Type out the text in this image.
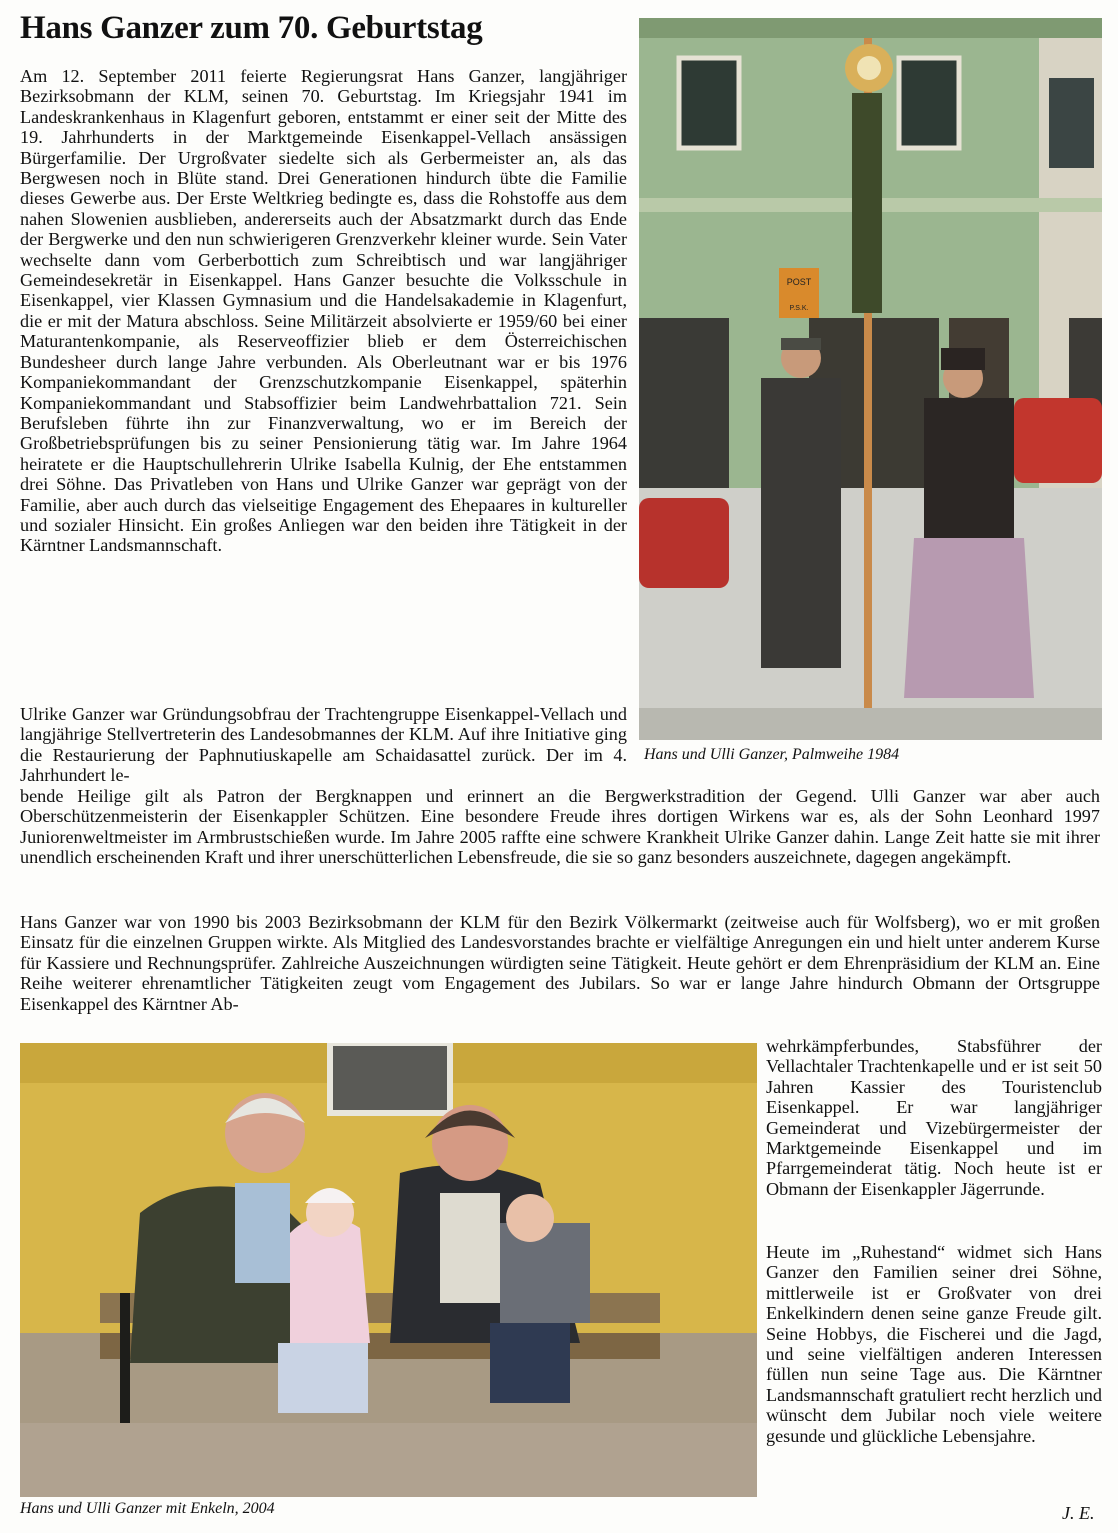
Hans Ganzer zum 70. Geburtstag
POST
P.S.K.
Hans und Ulli Ganzer, Palmweihe 1984

Am 12. September 2011 feierte Regierungsrat Hans Ganzer, langjähriger Bezirksobmann der KLM, seinen 70. Geburtstag. Im Kriegsjahr 1941 im Landeskrankenhaus in Klagenfurt geboren, entstammt er einer seit der Mitte des 19. Jahrhunderts in der Marktgemeinde Eisenkappel-Vellach ansässigen Bürgerfamilie. Der Urgroßvater siedelte sich als Gerbermeister an, als das Bergwesen noch in Blüte stand. Drei Generationen hindurch übte die Familie dieses Gewerbe aus. Der Erste Weltkrieg bedingte es, dass die Rohstoffe aus dem nahen Slowenien ausblieben, andererseits auch der Absatzmarkt durch das Ende der Bergwerke und den nun schwierigeren Grenzverkehr kleiner wurde. Sein Vater wechselte dann vom Gerberbottich zum Schreibtisch und war langjähriger Gemeindesekretär in Eisenkappel. Hans Ganzer besuchte die Volksschule in Eisenkappel, vier Klassen Gymnasium und die Handelsakademie in Klagenfurt, die er mit der Matura abschloss. Seine Militärzeit absolvierte er 1959/60 bei einer Maturantenkompanie, als Reserveoffizier blieb er dem Österreichischen Bundesheer durch lange Jahre verbunden. Als Oberleutnant war er bis 1976 Kompaniekommandant der Grenzschutzkompanie Eisenkappel, späterhin Kompaniekommandant und Stabsoffizier beim Landwehrbattalion 721. Sein Berufsleben führte ihn zur Finanzverwaltung, wo er im Bereich der Großbetriebsprüfungen bis zu seiner Pensionierung tätig war. Im Jahre 1964 heiratete er die Hauptschullehrerin Ulrike Isabella Kulnig, der Ehe entstammen drei Söhne. Das Privatleben von Hans und Ulrike Ganzer war geprägt von der Familie, aber auch durch das vielseitige Engagement des Ehepaares in kultureller und sozialer Hinsicht. Ein großes Anliegen war den beiden ihre Tätigkeit in der Kärntner Landsmannschaft.

Ulrike Ganzer war Gründungsobfrau der Trachtengruppe Eisenkappel-Vellach und langjährige Stellvertreterin des Landesobmannes der KLM. Auf ihre Initiative ging die Restaurierung der Paphnutiuskapelle am Schaidasattel zurück. Der im 4. Jahrhundert le-

bende Heilige gilt als Patron der Bergknappen und erinnert an die Bergwerkstradition der Gegend. Ulli Ganzer war aber auch Oberschützenmeisterin der Eisenkappler Schützen. Eine besondere Freude ihres dortigen Wirkens war es, als der Sohn Leonhard 1997 Juniorenweltmeister im Armbrustschießen wurde. Im Jahre 2005 raffte eine schwere Krankheit Ulrike Ganzer dahin. Lange Zeit hatte sie mit ihrer unendlich erscheinenden Kraft und ihrer unerschütterlichen Lebensfreude, die sie so ganz besonders auszeichnete, dagegen angekämpft.

Hans Ganzer war von 1990 bis 2003 Bezirksobmann der KLM für den Bezirk Völkermarkt (zeitweise auch für Wolfsberg), wo er mit großen Einsatz für die einzelnen Gruppen wirkte. Als Mitglied des Landesvorstandes brachte er vielfältige Anregungen ein und hielt unter anderem Kurse für Kassiere und Rechnungsprüfer. Zahlreiche Auszeichnungen würdigten seine Tätigkeit. Heute gehört er dem Ehrenpräsidium der KLM an. Eine Reihe weiterer ehrenamtlicher Tätigkeiten zeugt vom Engagement des Jubilars. So war er lange Jahre hindurch Obmann der Ortsgruppe Eisenkappel des Kärntner Ab-

Hans und Ulli Ganzer mit Enkeln, 2004

wehrkämpferbundes, Stabsführer der Vellachtaler Trachtenkapelle und er ist seit 50 Jahren Kassier des Touristenclub Eisenkappel. Er war langjähriger Gemeinderat und Vizebürgermeister der Marktgemeinde Eisenkappel und im Pfarrgemeinderat tätig. Noch heute ist er Obmann der Eisenkappler Jägerrunde.

Heute im „Ruhestand“ widmet sich Hans Ganzer den Familien seiner drei Söhne, mittlerweile ist er Großvater von drei Enkelkindern denen seine ganze Freude gilt. Seine Hobbys, die Fischerei und die Jagd, und seine vielfältigen anderen Interessen füllen nun seine Tage aus. Die Kärntner Landsmannschaft gratuliert recht herzlich und wünscht dem Jubilar noch viele weitere gesunde und glückliche Lebensjahre.

J. E.
